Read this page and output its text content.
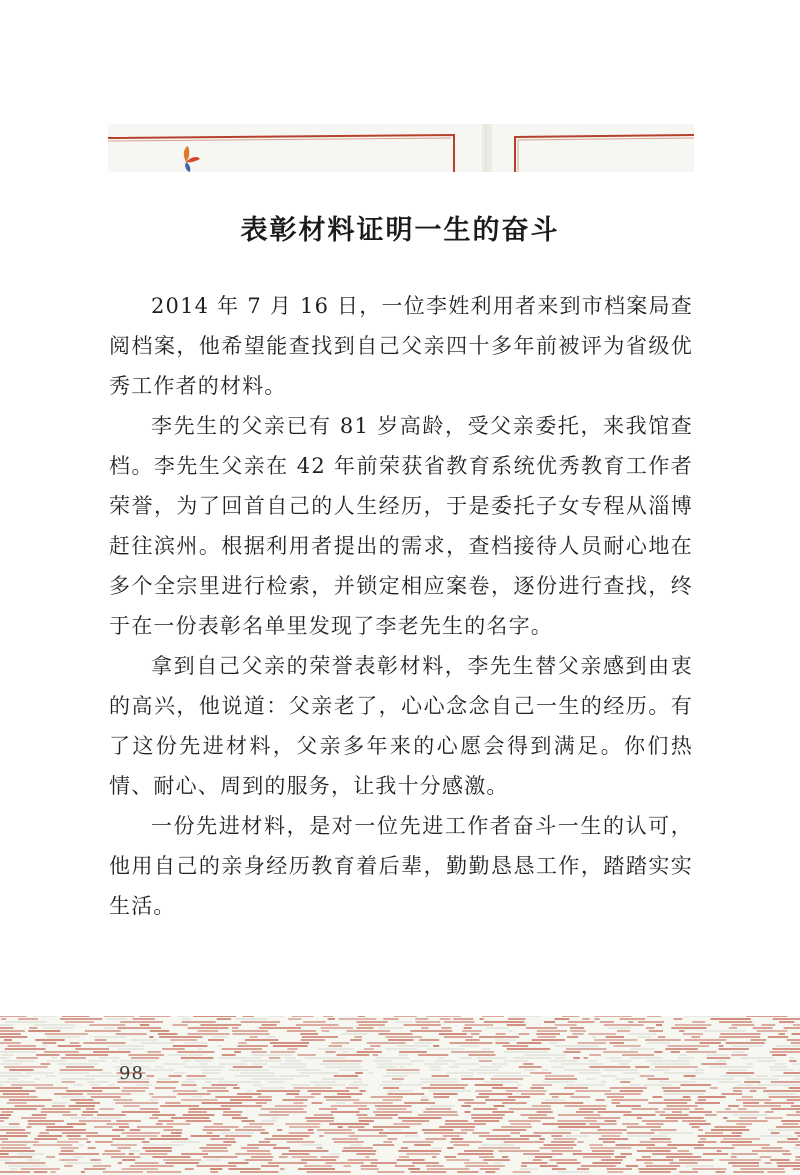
表彰材料证明一生的奋斗

2014 年 7 月 16 日，一位李姓利用者来到市档案局查阅档案，他希望能查找到自己父亲四十多年前被评为省级优秀工作者的材料。

李先生的父亲已有 81 岁高龄，受父亲委托，来我馆查档。李先生父亲在 42 年前荣获省教育系统优秀教育工作者荣誉，为了回首自己的人生经历，于是委托子女专程从淄博赶往滨州。根据利用者提出的需求，查档接待人员耐心地在多个全宗里进行检索，并锁定相应案卷，逐份进行查找，终于在一份表彰名单里发现了李老先生的名字。

拿到自己父亲的荣誉表彰材料，李先生替父亲感到由衷的高兴，他说道：父亲老了，心心念念自己一生的经历。有了这份先进材料，父亲多年来的心愿会得到满足。你们热情、耐心、周到的服务，让我十分感激。

一份先进材料，是对一位先进工作者奋斗一生的认可，他用自己的亲身经历教育着后辈，勤勤恳恳工作，踏踏实实生活。

98
